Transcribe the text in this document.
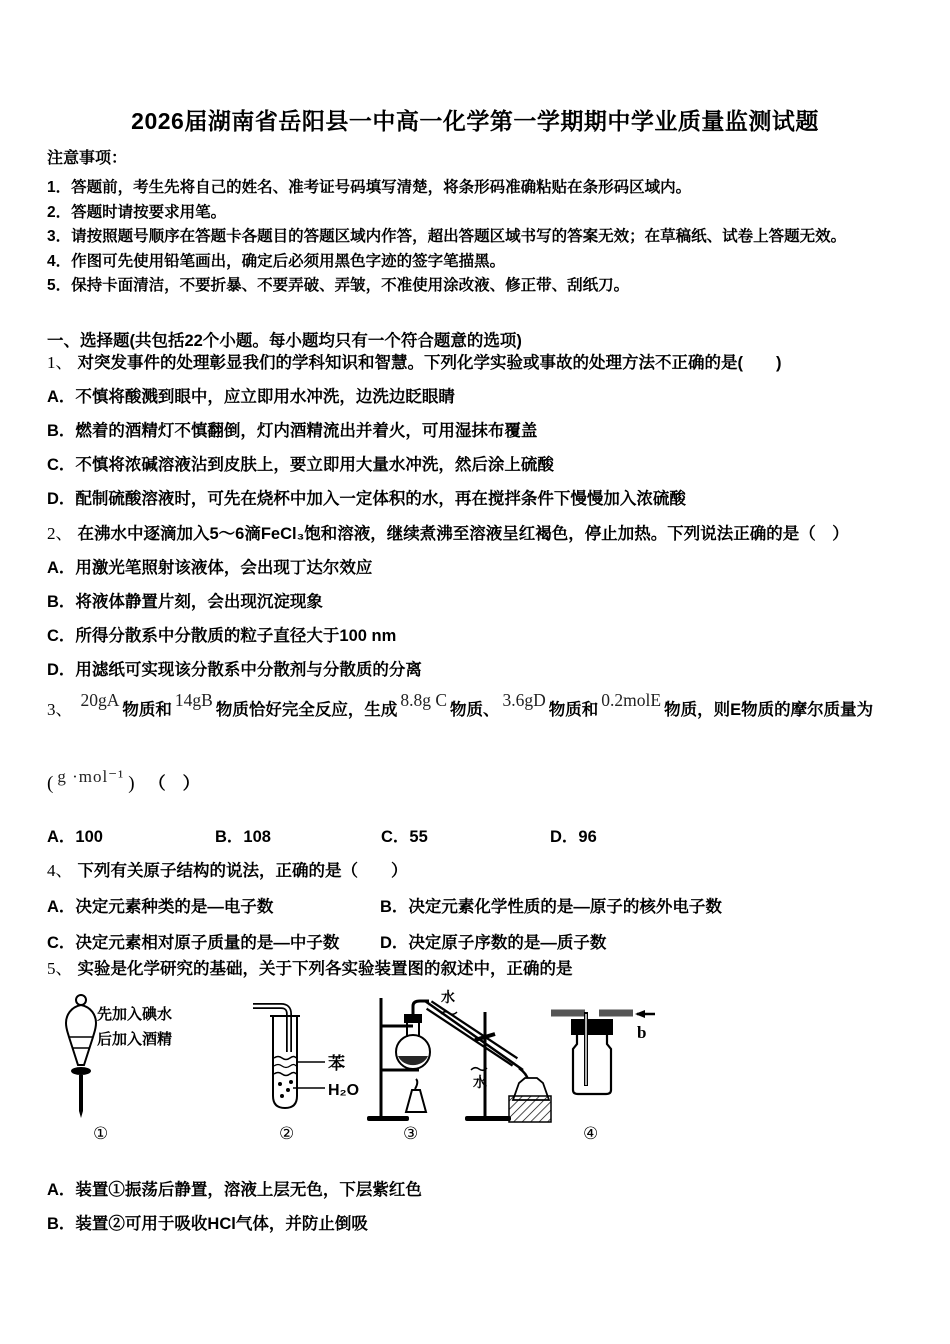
2026届湖南省岳阳县一中高一化学第一学期期中学业质量监测试题
注意事项：
1．答题前，考生先将自己的姓名、准考证号码填写清楚，将条形码准确粘贴在条形码区域内。
2．答题时请按要求用笔。
3．请按照题号顺序在答题卡各题目的答题区域内作答，超出答题区域书写的答案无效；在草稿纸、试卷上答题无效。
4．作图可先使用铅笔画出，确定后必须用黑色字迹的签字笔描黑。
5．保持卡面清洁，不要折暴、不要弄破、弄皱，不准使用涂改液、修正带、刮纸刀。
一、选择题(共包括22个小题。每小题均只有一个符合题意的选项)
1、 对突发事件的处理彰显我们的学科知识和智慧。下列化学实验或事故的处理方法不正确的是(　　)
A．不慎将酸溅到眼中，应立即用水冲洗，边洗边眨眼睛
B．燃着的酒精灯不慎翻倒，灯内酒精流出并着火，可用湿抹布覆盖
C．不慎将浓碱溶液沾到皮肤上，要立即用大量水冲洗，然后涂上硫酸
D．配制硫酸溶液时，可先在烧杯中加入一定体积的水，再在搅拌条件下慢慢加入浓硫酸
2、 在沸水中逐滴加入5～6滴FeCl₃饱和溶液，继续煮沸至溶液呈红褐色，停止加热。下列说法正确的是（　）
A．用激光笔照射该液体，会出现丁达尔效应
B．将液体静置片刻，会出现沉淀现象
C．所得分散系中分散质的粒子直径大于100 nm
D．用滤纸可实现该分散系中分散剂与分散质的分离
3、 20gA 物质和 14gB 物质恰好完全反应，生成 8.8g C 物质、 3.6gD 物质和 0.2molE 物质，则E物质的摩尔质量为
( g ·mol⁻¹ ) （　）
A．100	B．108	C．55	D．96
4、 下列有关原子结构的说法，正确的是（　　）
A．决定元素种类的是—电子数	B．决定元素化学性质的是—原子的核外电子数
C．决定元素相对原子质量的是—中子数	D．决定原子序数的是—质子数
5、 实验是化学研究的基础，关于下列各实验装置图的叙述中，正确的是
先加入碘水
后加入酒精
苯
H₂O
水
水
b
①	②	③	④
A．装置①振荡后静置，溶液上层无色，下层紫红色
B．装置②可用于吸收HCl气体，并防止倒吸
